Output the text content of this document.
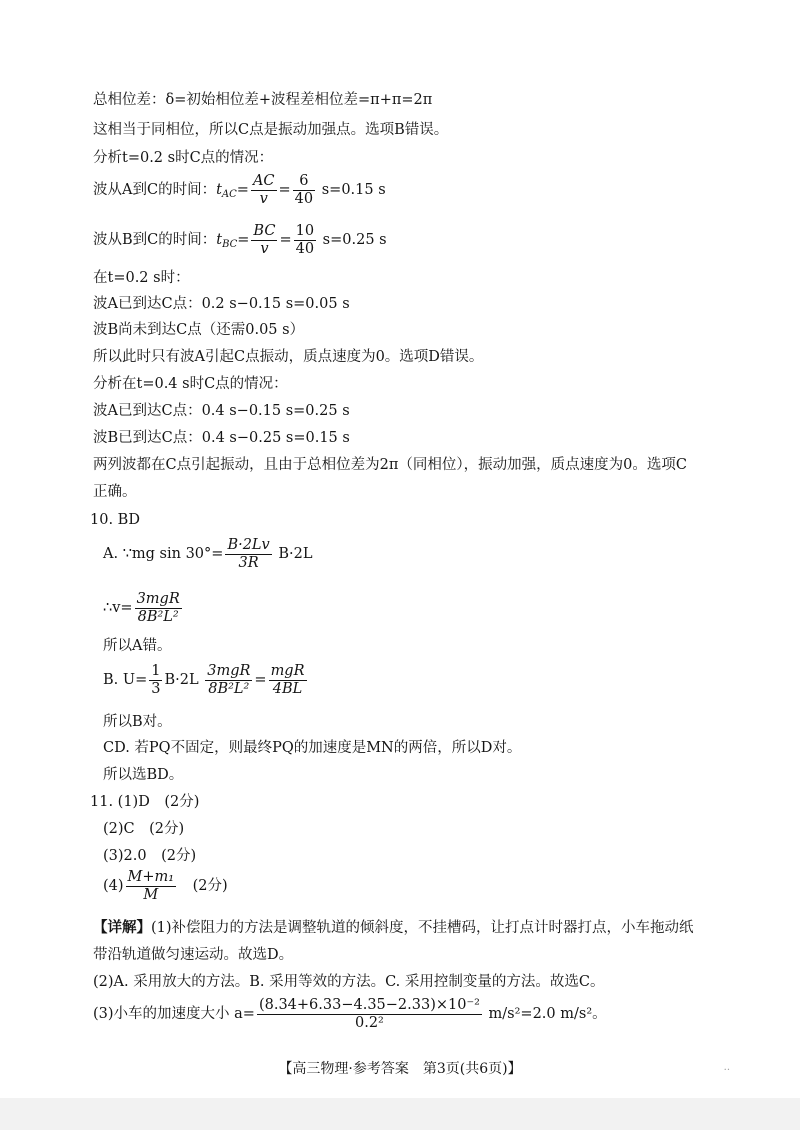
总相位差：δ=初始相位差+波程差相位差=π+π=2π
这相当于同相位，所以C点是振动加强点。选项B错误。
分析t=0.2 s时C点的情况：
波从A到C的时间：$t_{AC}= \frac{AC}{v} = \frac{6}{40} s=0.15$ s
波从B到C的时间：$t_{BC}= \frac{BC}{v} = \frac{10}{40} s=0.25$ s
在t=0.2 s时：
波A已到达C点：0.2 s−0.15 s=0.05 s
波B尚未到达C点（还需0.05 s）
所以此时只有波A引起C点振动，质点速度为0。选项D错误。
分析在t=0.4 s时C点的情况：
波A已到达C点：0.4 s−0.15 s=0.25 s
波B已到达C点：0.4 s−0.25 s=0.15 s
两列波都在C点引起振动，且由于总相位差为2π（同相位），振动加强，质点速度为0。选项C
正确。
10. BD
A. ∵mg $\sin 30^\circ= \frac{B\cdot 2Lv}{3R} B\cdot 2L$
∴v= $\frac{\text{3mgR}}{\text{8B²L²}}$
所以A错。
B. $U= \frac{1}{3} B\cdot 2L \frac{\text{3mgR}}{\text{8B²L²}} = \frac{\text{mgR}}{4BL}$
所以B对。
CD. 若PQ不固定，则最终PQ的加速度是MN的两倍，所以D对。
所以选BD。
11. (1)D　(2分)
(2)C　(2分)
(3)2.0　(2分)
$(4) \frac{\text{M+m₁}}{M}$
　 (2分)
【详解】(1)补偿阻力的方法是调整轨道的倾斜度，不挂槽码，让打点计时器打点，小车拖动纸
带沿轨道做匀速运动。故选D。
(2)A. 采用放大的方法。B. 采用等效的方法。C. 采用控制变量的方法。故选C。
(3)小车的加速度大小 $a= \frac{\text{(8.34+6.33−4.35−2.33)×10⁻²}}{\text{0.2²}} m/s^2=2.0$ m/s²。
【高三物理·参考答案　第3页(共6页)】	..
